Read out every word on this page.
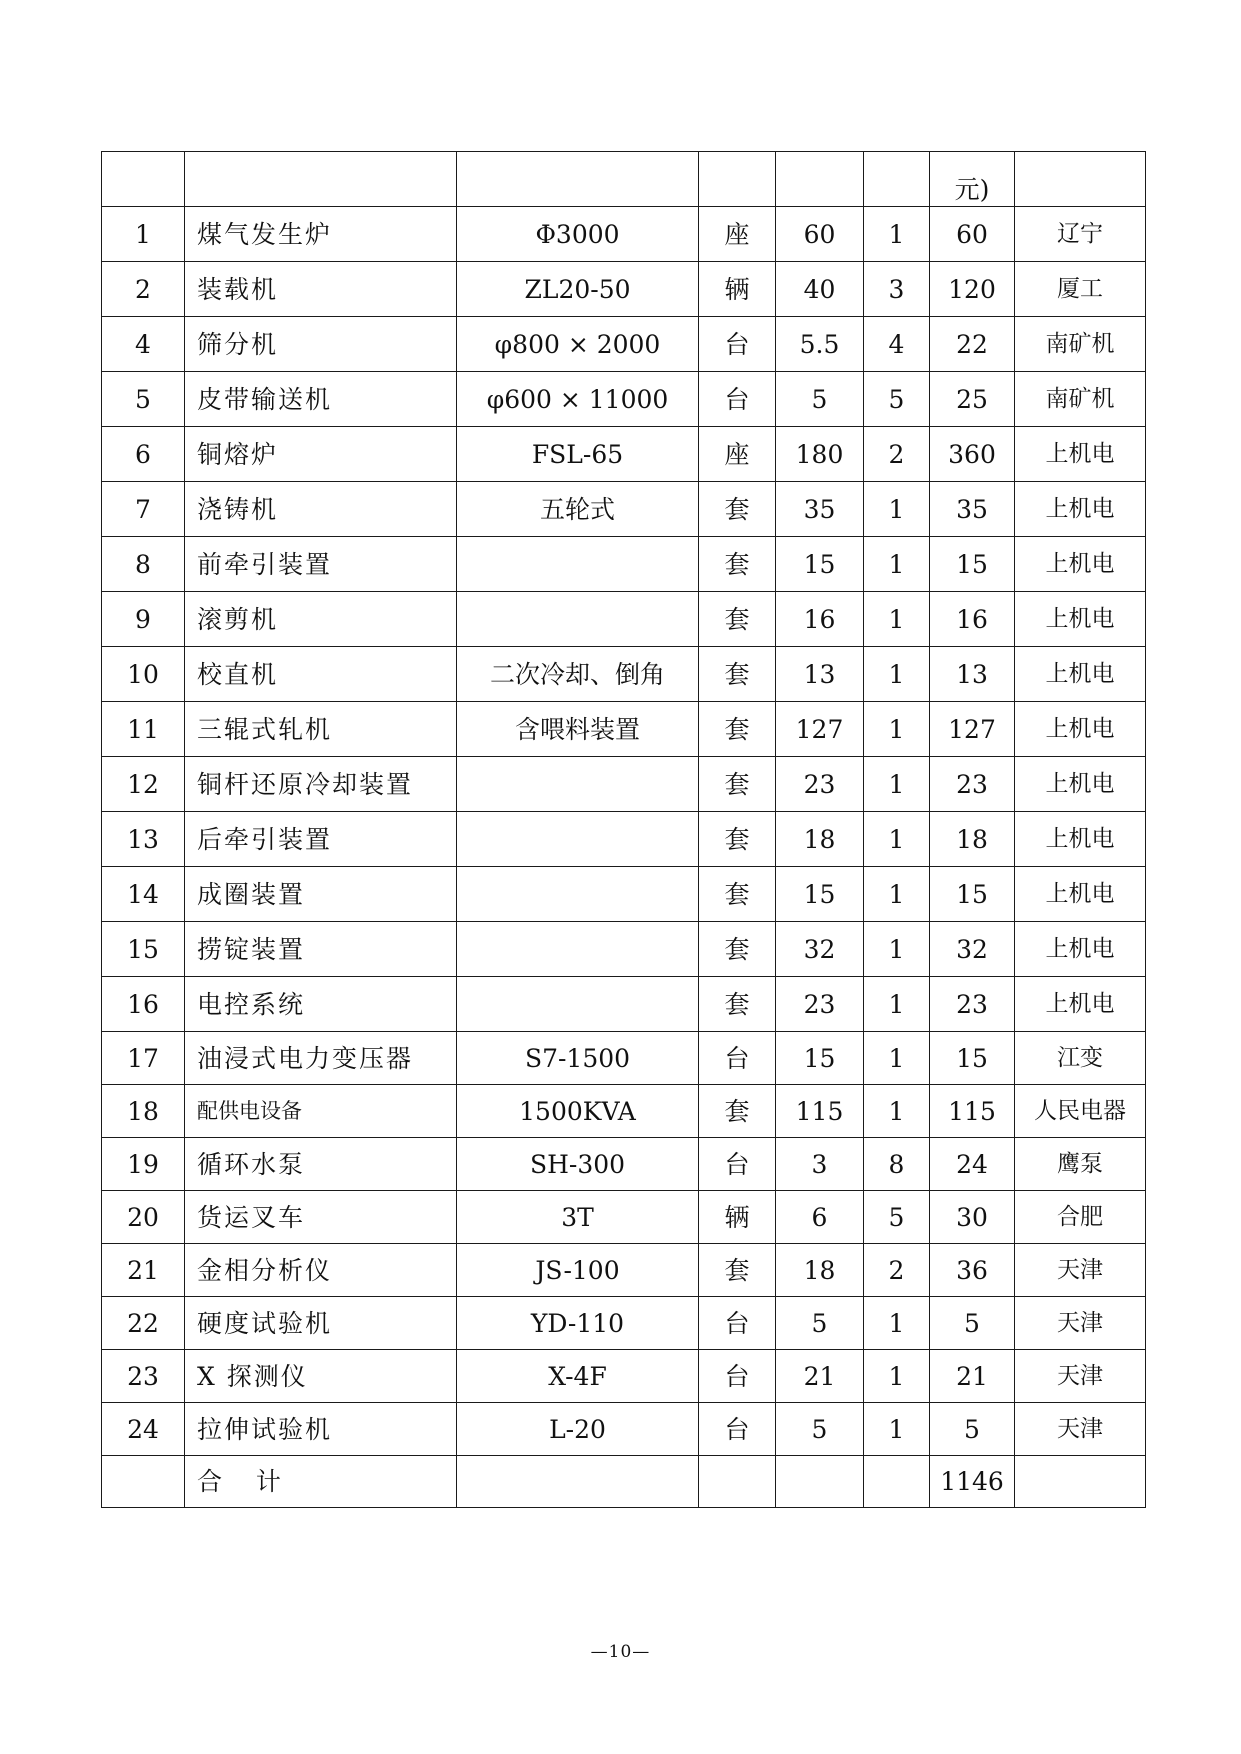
						元)	
1	煤气发生炉	Φ3000	座	60	1	60	辽宁
2	装载机	ZL20-50	辆	40	3	120	厦工
4	筛分机	φ800 × 2000	台	5.5	4	22	南矿机
5	皮带输送机	φ600 × 11000	台	5	5	25	南矿机
6	铜熔炉	FSL-65	座	180	2	360	上机电
7	浇铸机	五轮式	套	35	1	35	上机电
8	前牵引装置		套	15	1	15	上机电
9	滚剪机		套	16	1	16	上机电
10	校直机	二次冷却、倒角	套	13	1	13	上机电
11	三辊式轧机	含喂料装置	套	127	1	127	上机电
12	铜杆还原冷却装置		套	23	1	23	上机电
13	后牵引装置		套	18	1	18	上机电
14	成圈装置		套	15	1	15	上机电
15	捞锭装置		套	32	1	32	上机电
16	电控系统		套	23	1	23	上机电
17	油浸式电力变压器	S7-1500	台	15	1	15	江变
18	配供电设备	1500KVA	套	115	1	115	人民电器
19	循环水泵	SH-300	台	3	8	24	鹰泵
20	货运叉车	3T	辆	6	5	30	合肥
21	金相分析仪	JS-100	套	18	2	36	天津
22	硬度试验机	YD-110	台	5	1	5	天津
23	X 探测仪	X-4F	台	21	1	21	天津
24	拉伸试验机	L-20	台	5	1	5	天津
	合  计					1146	
—10—
